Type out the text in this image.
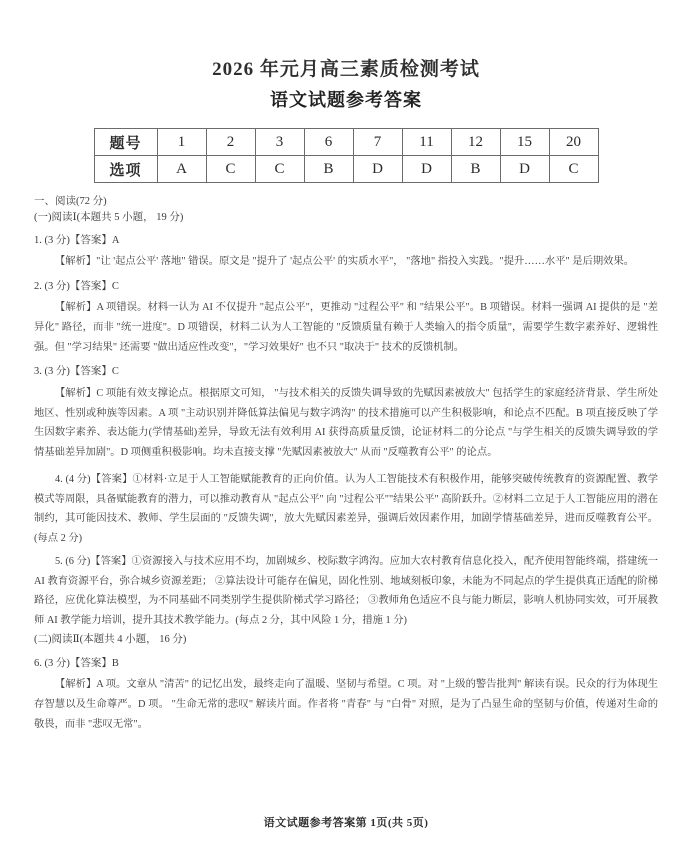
2026 年元月高三素质检测考试
语文试题参考答案
题号	1	2	3	6	7	11	12	15	20
选项	A	C	C	B	D	D	B	D	C
一、阅读(72 分)
(一)阅读Ⅰ(本题共 5 小题， 19 分)
1. (3 分)【答案】A
【解析】"让 '起点公平' 落地" 错误。原文是 "提升了 '起点公平' 的实质水平"， "落地" 指投入实践。"提升……水平" 是后期效果。
2. (3 分)【答案】C
【解析】A 项错误。材料一认为 AI 不仅提升 "起点公平"，更推动 "过程公平" 和 "结果公平"。B 项错误。材料一强调 AI 提供的是 "差异化" 路径，而非 "统一进度"。D 项错误，材料二认为人工智能的 "反馈质量有赖于人类输入的指令质量"，需要学生数字素养好、逻辑性强。但 "学习结果" 还需要 "做出适应性改变"，"学习效果好" 也不只 "取决于" 技术的反馈机制。
3. (3 分)【答案】C
【解析】C 项能有效支撑论点。根据原文可知， "与技术相关的反馈失调导致的先赋因素被放大" 包括学生的家庭经济背景、学生所处地区、性别或种族等因素。A 项 "主动识别并降低算法偏见与数字鸿沟" 的技术措施可以产生积极影响，和论点不匹配。B 项直接反映了学生因数字素养、表达能力(学情基础)差异，导致无法有效利用 AI 获得高质量反馈，论证材料二的分论点 "与学生相关的反馈失调导致的学情基础差异加剧"。D 项侧重积极影响。均未直接支撑 "先赋因素被放大" 从而 "反噬教育公平" 的论点。
4. (4 分)【答案】①材料·立足于人工智能赋能教育的正向价值。认为人工智能技术有积极作用，能够突破传统教育的资源配置、教学模式等周限，具备赋能教育的潜力，可以推动教育从 "起点公平" 向 "过程公平""结果公平" 高阶跃升。②材料二立足于人工智能应用的潜在制约，其可能因技术、教师、学生层面的 "反馈失调"，放大先赋因素差异，强调后效因素作用，加剧学情基础差异，进而反噬教育公平。(每点 2 分)
5. (6 分)【答案】①资源接入与技术应用不均，加剧城乡、校际数字鸿沟。应加大农村教育信息化投入，配齐使用智能终端，搭建统一 AI 教育资源平台，弥合城乡资源差距； ②算法设计可能存在偏见，固化性别、地域刻板印象，未能为不同起点的学生提供真正适配的阶梯路径，应优化算法模型，为不同基础不同类别学生提供阶梯式学习路径； ③教师角色适应不良与能力断层，影响人机协同实效，可开展教师 AI 教学能力培训，提升其技术教学能力。(每点 2 分，其中风险 1 分，措施 1 分)
(二)阅读Ⅱ(本题共 4 小题， 16 分)
6. (3 分)【答案】B
【解析】A 项。文章从 "清苦" 的记忆出发，最终走向了温暖、坚韧与希望。C 项。对 "上级的警告批判" 解读有误。民众的行为体现生存智慧以及生命尊严。D 项。 "生命无常的悲叹" 解读片面。作者将 "青春" 与 "白骨" 对照，是为了凸显生命的坚韧与价值，传递对生命的敬畏，而非 "悲叹无常"。
语文试题参考答案第 1页(共 5页)
